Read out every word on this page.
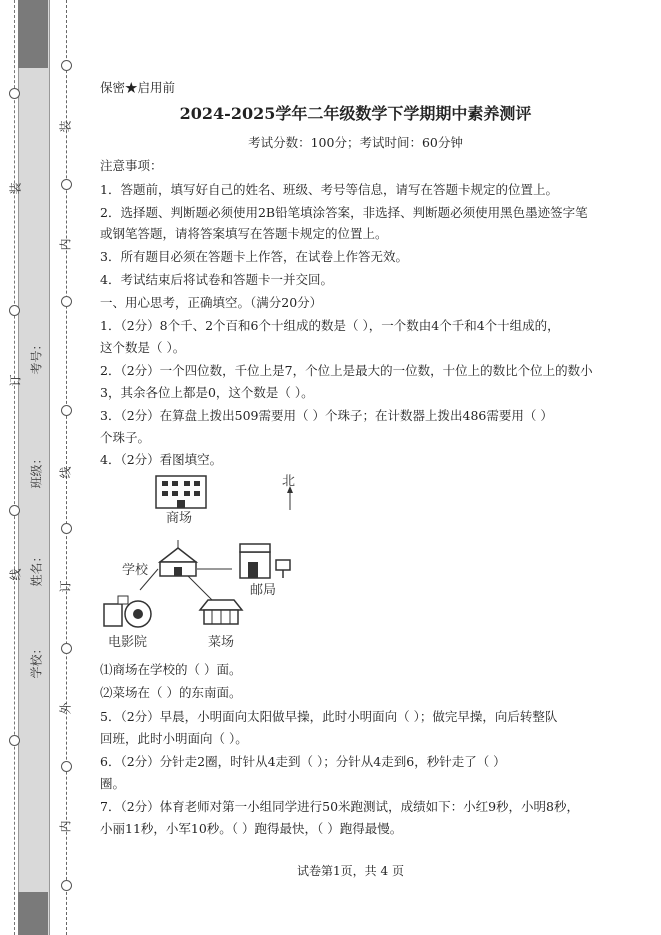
装
订
线
装
内
订
线
外
内
学校：
姓名：
班级：
考号：
保密★启用前
2024-2025学年二年级数学下学期期中素养测评
考试分数：100分；考试时间：60分钟
注意事项：
1．答题前，填写好自己的姓名、班级、考号等信息，请写在答题卡规定的位置上。
2．选择题、判断题必须使用2B铅笔填涂答案，非选择、判断题必须使用黑色墨迹签字笔
或钢笔答题，请将答案填写在答题卡规定的位置上。
3．所有题目必须在答题卡上作答，在试卷上作答无效。
4．考试结束后将试卷和答题卡一并交回。
一、用心思考，正确填空。（满分20分）
1．（2分）8个千、2个百和6个十组成的数是（ ），一个数由4个千和4个十组成的，
这个数是（ ）。
2．（2分）一个四位数，千位上是7，个位上是最大的一位数，十位上的数比个位上的数小
3，其余各位上都是0，这个数是（ ）。
3．（2分）在算盘上拨出509需要用（ ）个珠子；在计数器上拨出486需要用（ ）
个珠子。
4．（2分）看图填空。
北
商场
学校
邮局
电影院	菜场
⑴商场在学校的（ ）面。
⑵菜场在（ ）的东南面。
5．（2分）早晨，小明面向太阳做早操，此时小明面向（ ）；做完早操，向后转整队
回班，此时小明面向（ ）。
6．（2分）分针走2圈，时针从4走到（ ）；分针从4走到6，秒针走了（ ）
圈。
7．（2分）体育老师对第一小组同学进行50米跑测试，成绩如下：小红9秒，小明8秒，
小丽11秒，小军10秒。（ ）跑得最快，（ ）跑得最慢。
试卷第1页，共 4 页
